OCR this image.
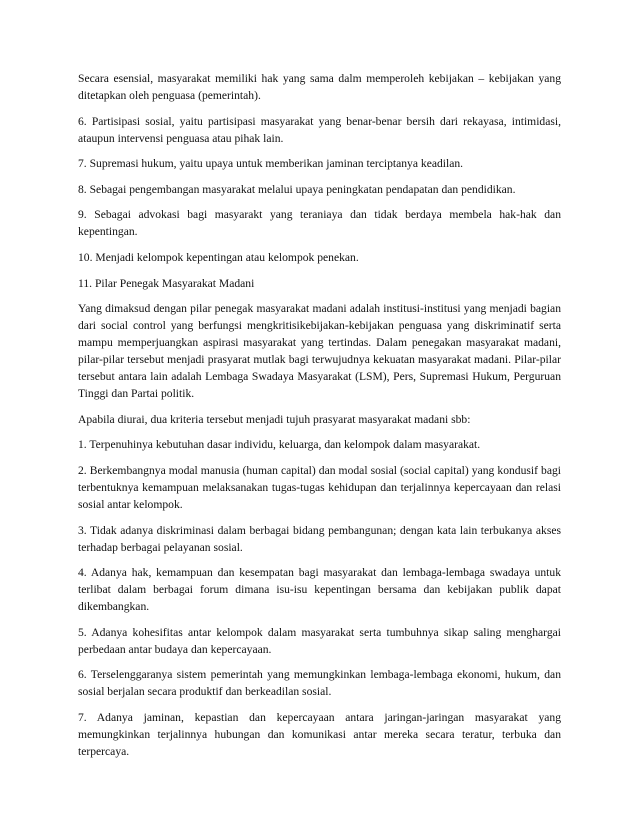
Secara esensial, masyarakat memiliki hak yang sama dalm memperoleh kebijakan – kebijakan yang ditetapkan oleh penguasa (pemerintah).

6. Partisipasi sosial, yaitu partisipasi masyarakat yang benar-benar bersih dari rekayasa, intimidasi, ataupun intervensi penguasa atau pihak lain.

7. Supremasi hukum, yaitu upaya untuk memberikan jaminan terciptanya keadilan.

8. Sebagai pengembangan masyarakat melalui upaya peningkatan pendapatan dan pendidikan.

9. Sebagai advokasi bagi masyarakt yang teraniaya dan tidak berdaya membela hak-hak dan kepentingan.

10. Menjadi kelompok kepentingan atau kelompok penekan.

11. Pilar Penegak Masyarakat Madani

Yang dimaksud dengan pilar penegak masyarakat madani adalah institusi-institusi yang menjadi bagian dari social control yang berfungsi mengkritisikebijakan-kebijakan penguasa yang diskriminatif serta mampu memperjuangkan aspirasi masyarakat yang tertindas. Dalam penegakan masyarakat madani, pilar-pilar tersebut menjadi prasyarat mutlak bagi terwujudnya kekuatan masyarakat madani. Pilar-pilar tersebut antara lain adalah Lembaga Swadaya Masyarakat (LSM), Pers, Supremasi Hukum, Perguruan Tinggi dan Partai politik.

Apabila diurai, dua kriteria tersebut menjadi tujuh prasyarat masyarakat madani sbb:

1. Terpenuhinya kebutuhan dasar individu, keluarga, dan kelompok dalam masyarakat.

2. Berkembangnya modal manusia (human capital) dan modal sosial (social capital) yang kondusif bagi terbentuknya kemampuan melaksanakan tugas-tugas kehidupan dan terjalinnya kepercayaan dan relasi sosial antar kelompok.

3. Tidak adanya diskriminasi dalam berbagai bidang pembangunan; dengan kata lain terbukanya akses terhadap berbagai pelayanan sosial.

4. Adanya hak, kemampuan dan kesempatan bagi masyarakat dan lembaga-lembaga swadaya untuk terlibat dalam berbagai forum dimana isu-isu kepentingan bersama dan kebijakan publik dapat dikembangkan.

5. Adanya kohesifitas antar kelompok dalam masyarakat serta tumbuhnya sikap saling menghargai perbedaan antar budaya dan kepercayaan.

6. Terselenggaranya sistem pemerintah yang memungkinkan lembaga-lembaga ekonomi, hukum, dan sosial berjalan secara produktif dan berkeadilan sosial.

7. Adanya jaminan, kepastian dan kepercayaan antara jaringan-jaringan masyarakat yang memungkinkan terjalinnya hubungan dan komunikasi antar mereka secara teratur, terbuka dan terpercaya.
